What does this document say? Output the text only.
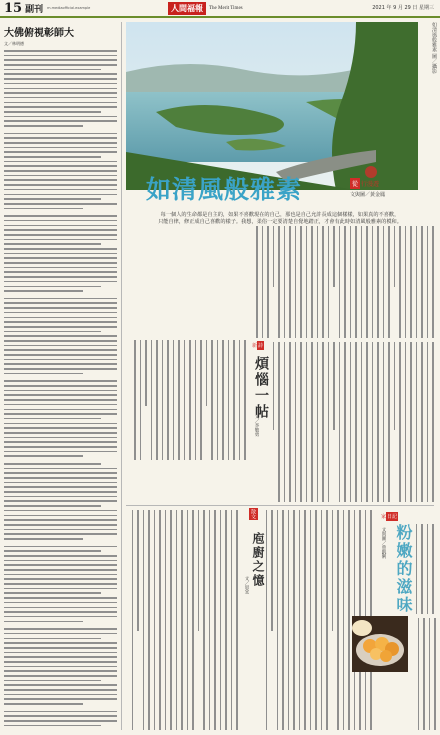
15 副刊 m.mediaofficial.example	人間福報	The Merit Times	2021 年 9 月 29 日 星期三
大佛俯視彰師大
文／林明德	如清風般雅素 圖／攝影
如清風般雅素	從 行漫遊
文與圖／黃金鳳
每一個人的生命都是自主的，如果不喜歡現在的自己，那也是自己允許長成這個樣樣，如果真的不喜歡，
只能自律，修正成自己喜歡的樣子。我想，柔俗一定要清楚自覺地踏正，才會有此時如清風般雅素的模和。
新 詩
煩惱一帖
文／李敏勇
散文
庖廚之憶
文／思宜
家 日記
粉嫩的滋味
文與圖／曾凱俐
